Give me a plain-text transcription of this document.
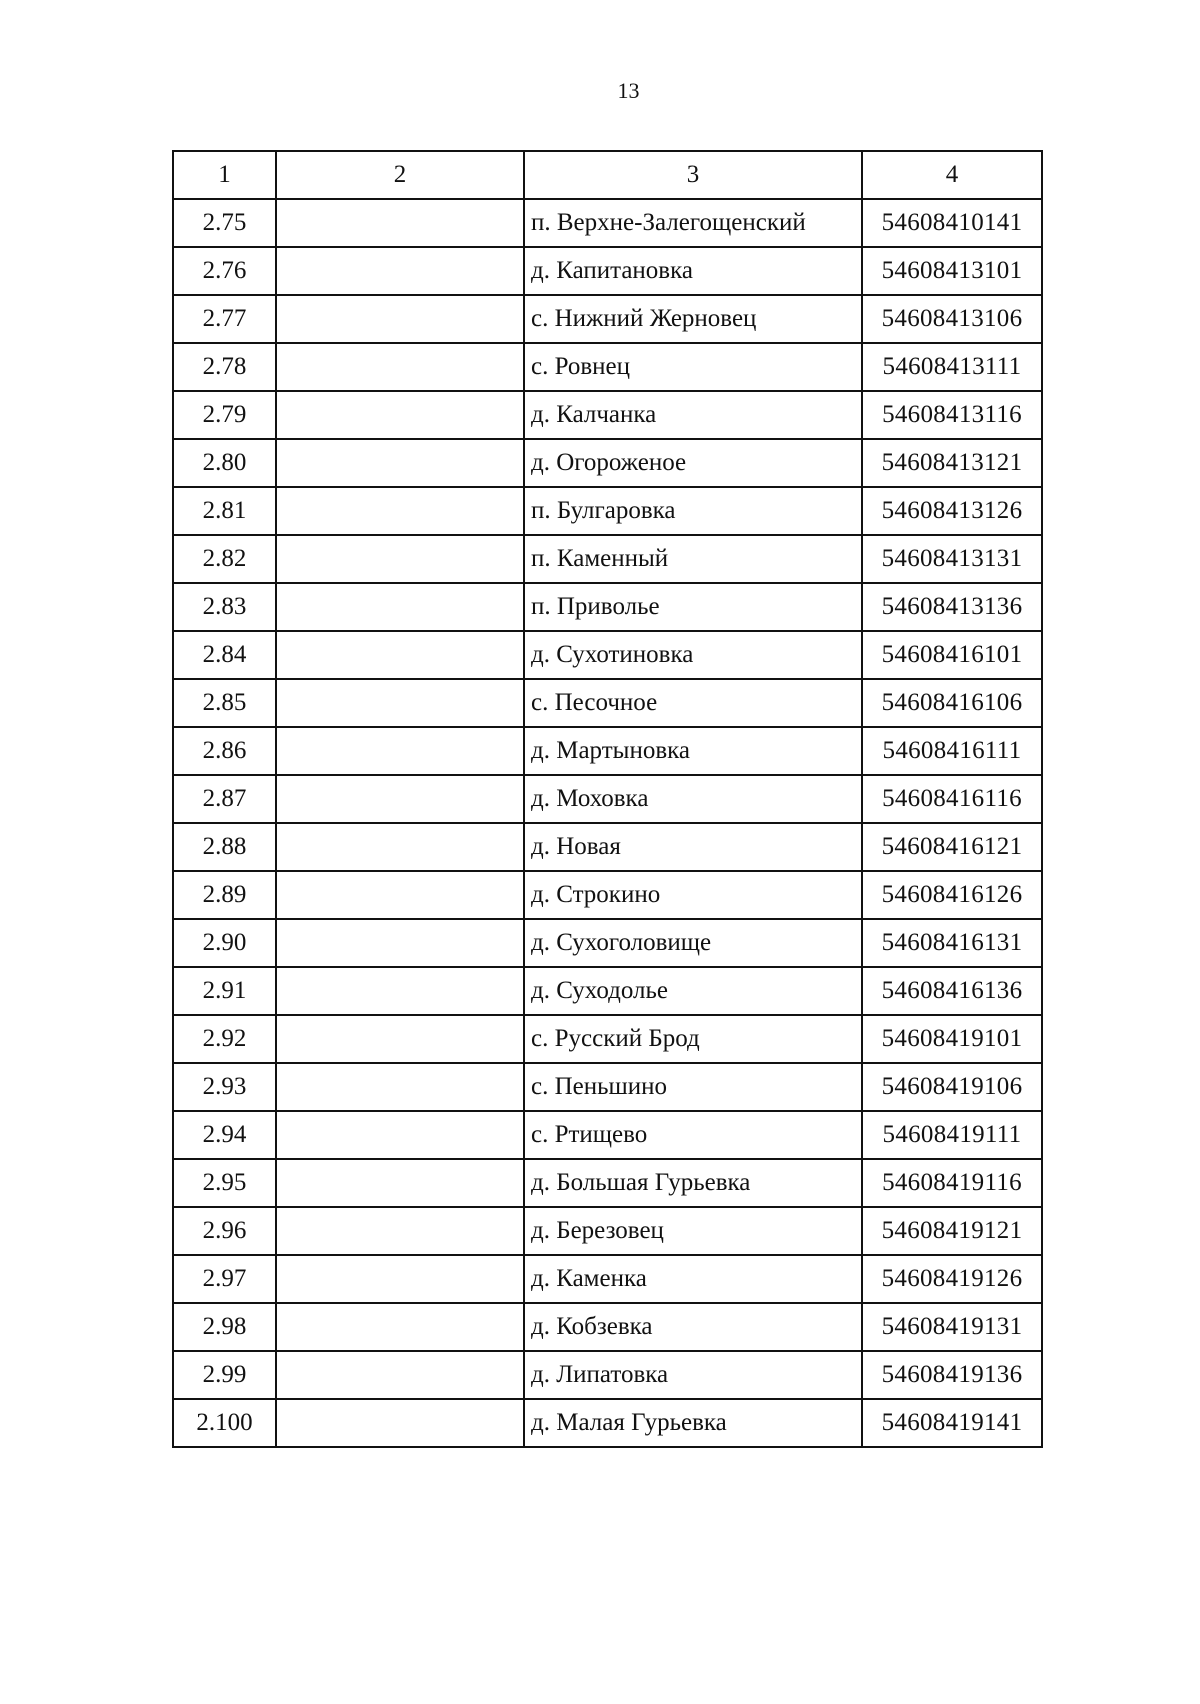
13
1	2	3	4
2.75		п. Верхне-Залегощенский	54608410141
2.76		д. Капитановка	54608413101
2.77		с. Нижний Жерновец	54608413106
2.78		с. Ровнец	54608413111
2.79		д. Калчанка	54608413116
2.80		д. Огороженое	54608413121
2.81		п. Булгаровка	54608413126
2.82		п. Каменный	54608413131
2.83		п. Приволье	54608413136
2.84		д. Сухотиновка	54608416101
2.85		с. Песочное	54608416106
2.86		д. Мартыновка	54608416111
2.87		д. Моховка	54608416116
2.88		д. Новая	54608416121
2.89		д. Строкино	54608416126
2.90		д. Сухоголовище	54608416131
2.91		д. Суходолье	54608416136
2.92		с. Русский Брод	54608419101
2.93		с. Пеньшино	54608419106
2.94		с. Ртищево	54608419111
2.95		д. Большая Гурьевка	54608419116
2.96		д. Березовец	54608419121
2.97		д. Каменка	54608419126
2.98		д. Кобзевка	54608419131
2.99		д. Липатовка	54608419136
2.100		д. Малая Гурьевка	54608419141
